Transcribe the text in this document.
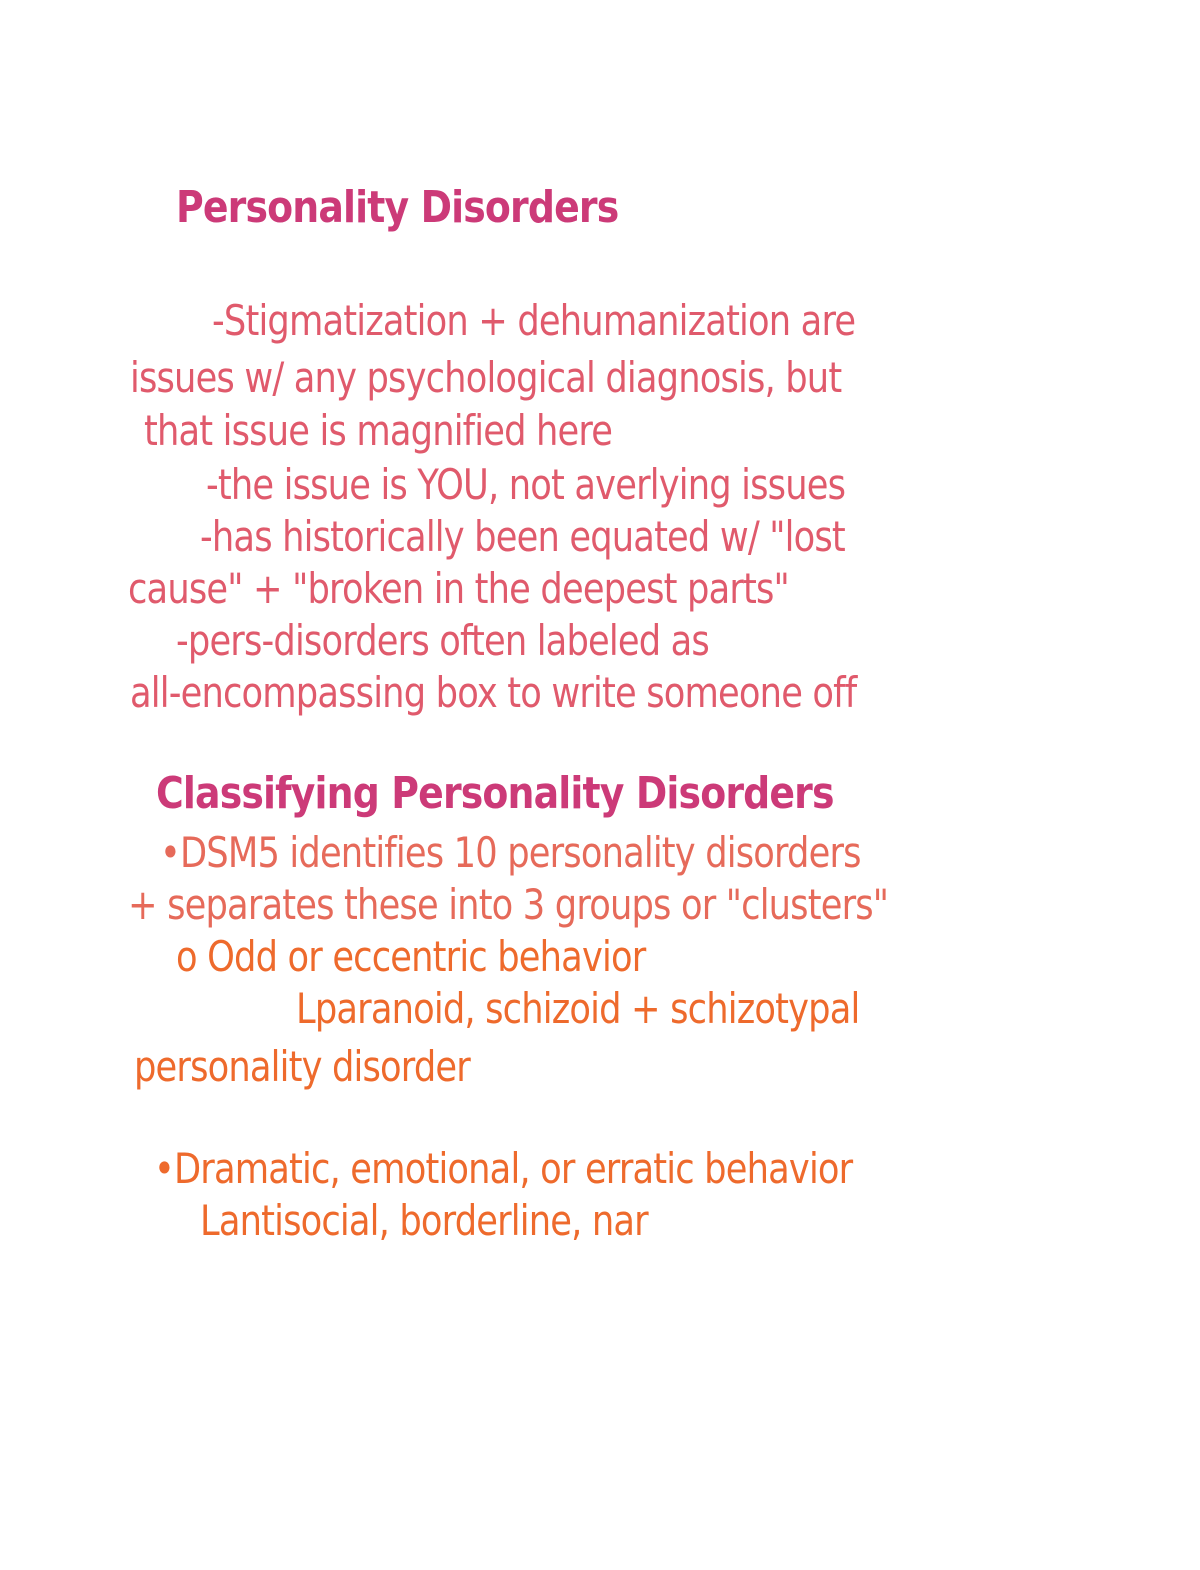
Personality Disorders
-Stigmatization + dehumanization are
issues w/ any psychological diagnosis, but
that issue is magnified here
-the issue is YOU, not averlying issues
-has historically been equated w/ "lost
cause" + "broken in the deepest parts"
-pers-disorders often labeled as
all-encompassing box to write someone off
Classifying Personality Disorders
•DSM5 identifies 10 personality disorders
+ separates these into 3 groups or "clusters"
o Odd or eccentric behavior
Lparanoid, schizoid + schizotypal
personality disorder
•Dramatic, emotional, or erratic behavior
Lantisocial, borderline, nar
